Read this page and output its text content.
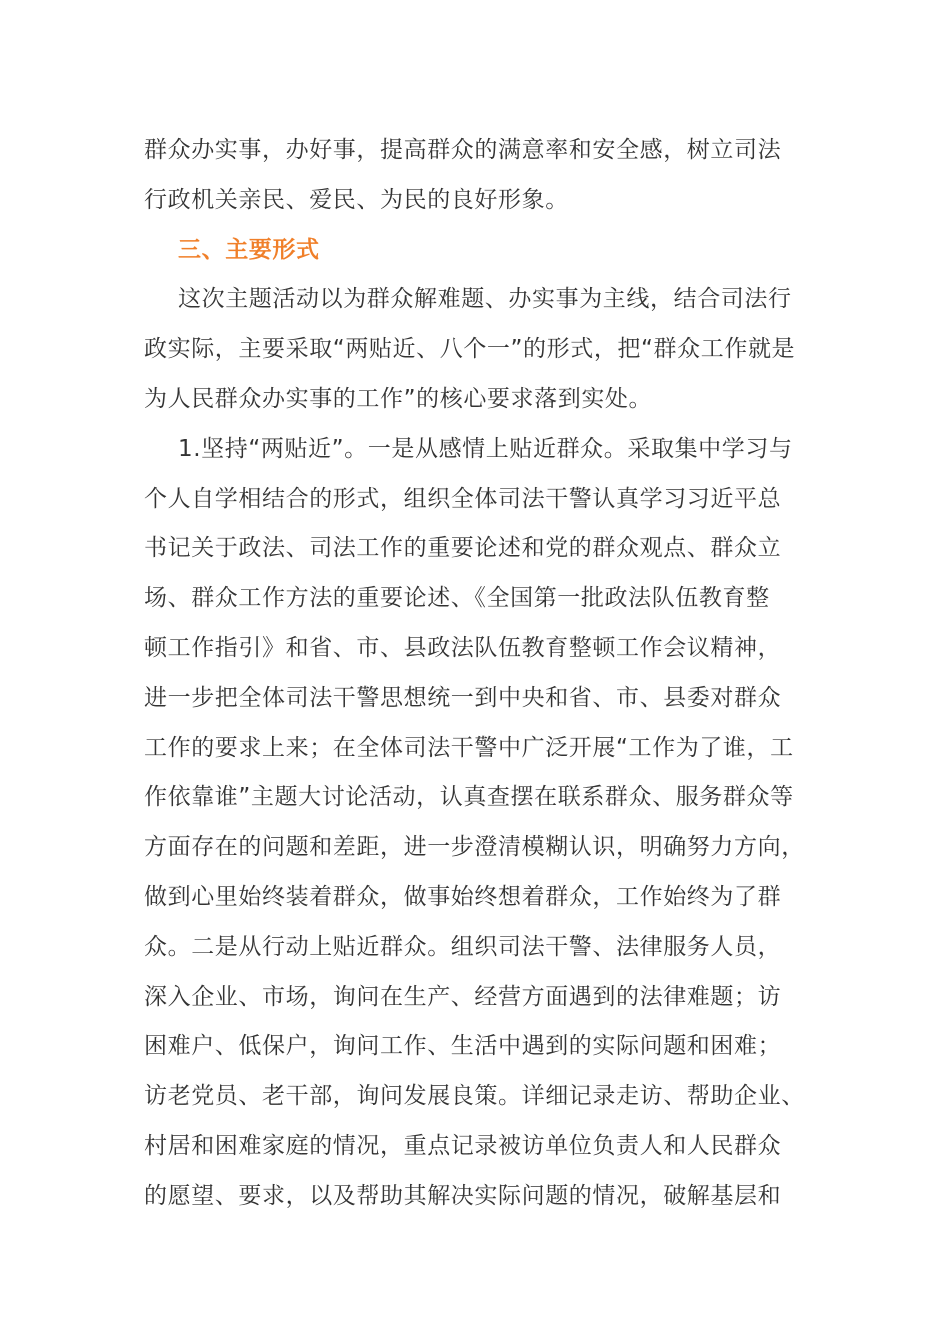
群众办实事，办好事，提高群众的满意率和安全感，树立司法
行政机关亲民、爱民、为民的良好形象。
三、主要形式
这次主题活动以为群众解难题、办实事为主线，结合司法行
政实际，主要采取“两贴近、八个一”的形式，把“群众工作就是
为人民群众办实事的工作”的核心要求落到实处。
1.坚持“两贴近”。一是从感情上贴近群众。采取集中学习与
个人自学相结合的形式，组织全体司法干警认真学习习近平总
书记关于政法、司法工作的重要论述和党的群众观点、群众立
场、群众工作方法的重要论述、《全国第一批政法队伍教育整
顿工作指引》和省、市、县政法队伍教育整顿工作会议精神，
进一步把全体司法干警思想统一到中央和省、市、县委对群众
工作的要求上来；在全体司法干警中广泛开展“工作为了谁，工
作依靠谁”主题大讨论活动，认真查摆在联系群众、服务群众等
方面存在的问题和差距，进一步澄清模糊认识，明确努力方向，
做到心里始终装着群众，做事始终想着群众，工作始终为了群
众。二是从行动上贴近群众。组织司法干警、法律服务人员，
深入企业、市场，询问在生产、经营方面遇到的法律难题；访
困难户、低保户，询问工作、生活中遇到的实际问题和困难；
访老党员、老干部，询问发展良策。详细记录走访、帮助企业、
村居和困难家庭的情况，重点记录被访单位负责人和人民群众
的愿望、要求，以及帮助其解决实际问题的情况，破解基层和
